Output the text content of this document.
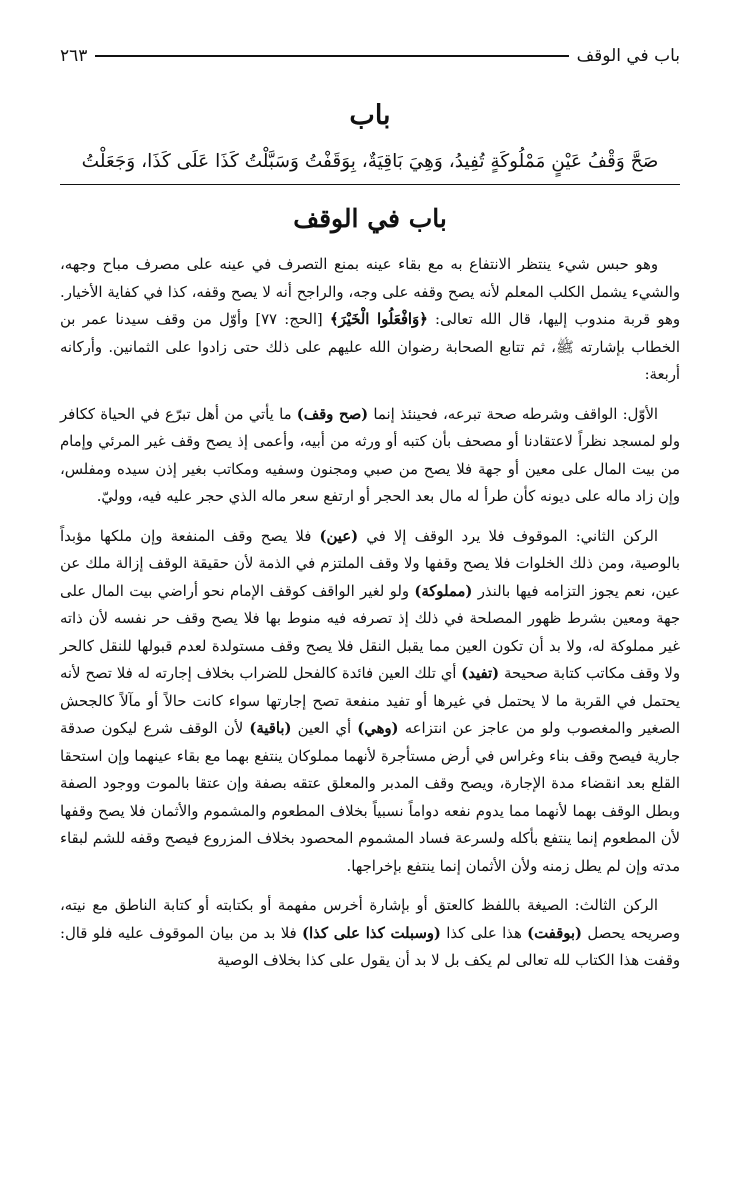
باب في الوقف
٢٦٣
باب
صَحَّ وَقْفُ عَيْنٍ مَمْلُوكَةٍ تُفِيدُ، وَهِيَ بَاقِيَةٌ، بِوَقَفْتُ وَسَبَّلْتُ كَذَا عَلَى كَذَا، وَجَعَلْتُ
باب في الوقف

وهو حبس شيء ينتظر الانتفاع به مع بقاء عينه بمنع التصرف في عينه على مصرف مباح وجهه، والشيء يشمل الكلب المعلم لأنه يصح وقفه على وجه، والراجح أنه لا يصح وقفه، كذا في كفاية الأخيار. وهو قربة مندوب إليها، قال الله تعالى: ﴿وَافْعَلُوا الْخَيْرَ﴾ [الحج: ٧٧] وأوّل من وقف سيدنا عمر بن الخطاب بإشارته ﷺ، ثم تتابع الصحابة رضوان الله عليهم على ذلك حتى زادوا على الثمانين. وأركانه أربعة:

الأوّل: الواقف وشرطه صحة تبرعه، فحينئذ إنما (صح وقف) ما يأتي من أهل تبرّع في الحياة ككافر ولو لمسجد نظراً لاعتقادنا أو مصحف بأن كتبه أو ورثه من أبيه، وأعمى إذ يصح وقف غير المرئي وإمام من بيت المال على معين أو جهة فلا يصح من صبي ومجنون وسفيه ومكاتب بغير إذن سيده ومفلس، وإن زاد ماله على ديونه كأن طرأ له مال بعد الحجر أو ارتفع سعر ماله الذي حجر عليه فيه، ووليّ.

الركن الثاني: الموقوف فلا يرد الوقف إلا في (عين) فلا يصح وقف المنفعة وإن ملكها مؤبداً بالوصية، ومن ذلك الخلوات فلا يصح وقفها ولا وقف الملتزم في الذمة لأن حقيقة الوقف إزالة ملك عن عين، نعم يجوز التزامه فيها بالنذر (مملوكة) ولو لغير الواقف كوقف الإمام نحو أراضي بيت المال على جهة ومعين بشرط ظهور المصلحة في ذلك إذ تصرفه فيه منوط بها فلا يصح وقف حر نفسه لأن ذاته غير مملوكة له، ولا بد أن تكون العين مما يقبل النقل فلا يصح وقف مستولدة لعدم قبولها للنقل كالحر ولا وقف مكاتب كتابة صحيحة (تفيد) أي تلك العين فائدة كالفحل للضراب بخلاف إجارته له فلا تصح لأنه يحتمل في القربة ما لا يحتمل في غيرها أو تفيد منفعة تصح إجارتها سواء كانت حالاً أو مآلاً كالجحش الصغير والمغصوب ولو من عاجز عن انتزاعه (وهي) أي العين (باقية) لأن الوقف شرع ليكون صدقة جارية فيصح وقف بناء وغراس في أرض مستأجرة لأنهما مملوكان ينتفع بهما مع بقاء عينهما وإن استحقا القلع بعد انقضاء مدة الإجارة، ويصح وقف المدبر والمعلق عتقه بصفة وإن عتقا بالموت ووجود الصفة وبطل الوقف بهما لأنهما مما يدوم نفعه دواماً نسبياً بخلاف المطعوم والمشموم والأثمان فلا يصح وقفها لأن المطعوم إنما ينتفع بأكله ولسرعة فساد المشموم المحصود بخلاف المزروع فيصح وقفه للشم لبقاء مدته وإن لم يطل زمنه ولأن الأثمان إنما ينتفع بإخراجها.

الركن الثالث: الصيغة باللفظ كالعتق أو بإشارة أخرس مفهمة أو بكتابته أو كتابة الناطق مع نيته، وصريحه يحصل (بوقفت) هذا على كذا (وسبلت كذا على كذا) فلا بد من بيان الموقوف عليه فلو قال: وقفت هذا الكتاب لله تعالى لم يكف بل لا بد أن يقول على كذا بخلاف الوصية
